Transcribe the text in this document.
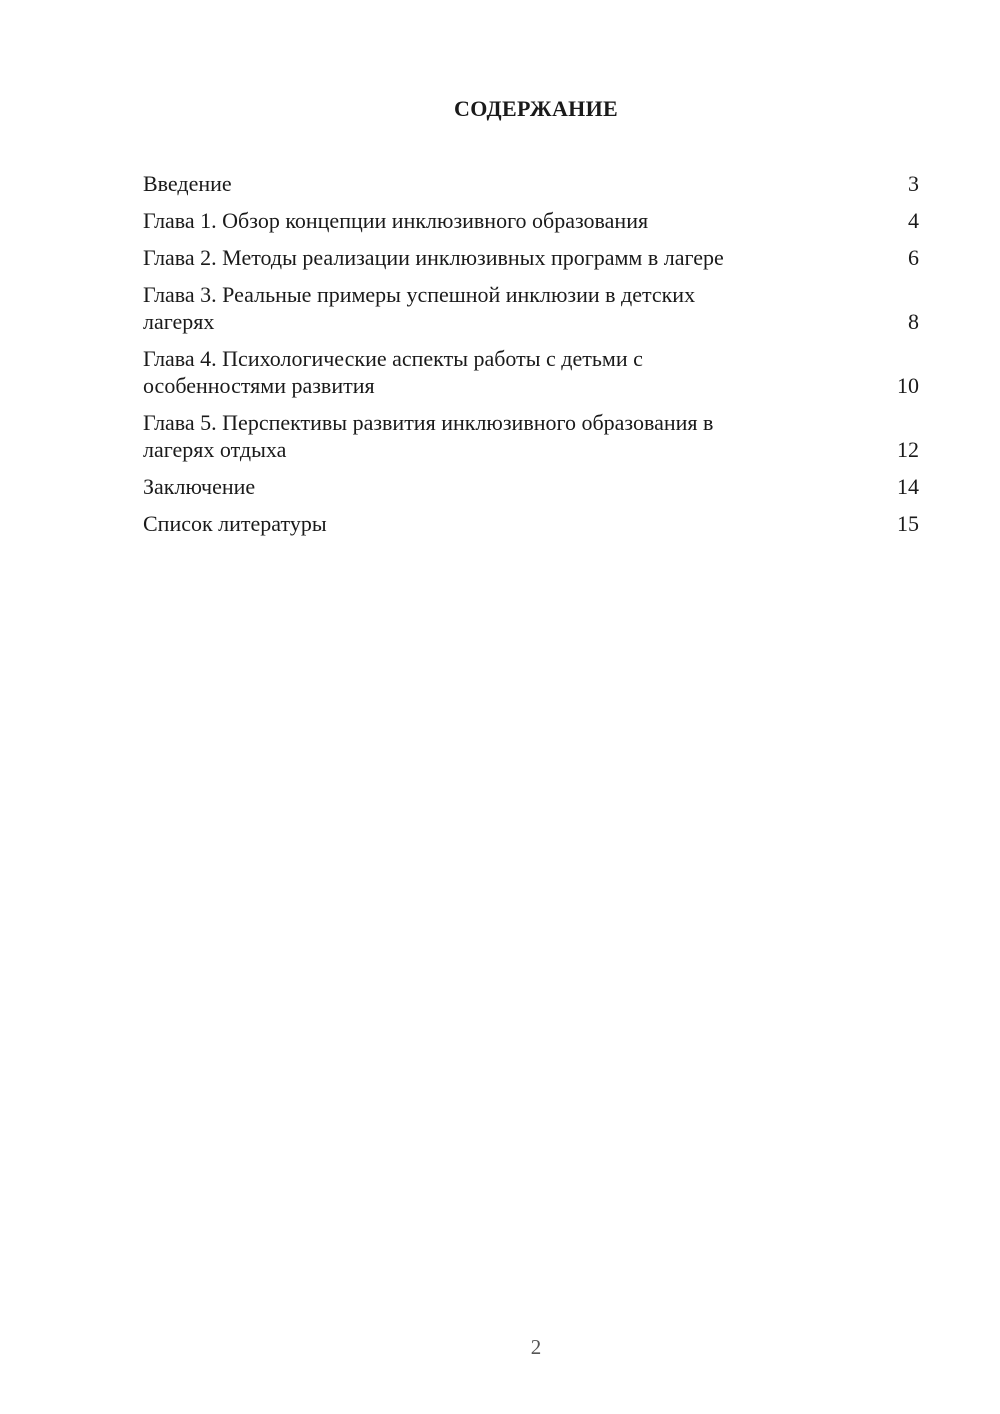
СОДЕРЖАНИЕ
Введение	3
Глава 1. Обзор концепции инклюзивного образования	4
Глава 2. Методы реализации инклюзивных программ в лагере	6
Глава 3. Реальные примеры успешной инклюзии в детских
лагерях	8
Глава 4. Психологические аспекты работы с детьми с
особенностями развития	10
Глава 5. Перспективы развития инклюзивного образования в
лагерях отдыха	12
Заключение	14
Список литературы	15
2
